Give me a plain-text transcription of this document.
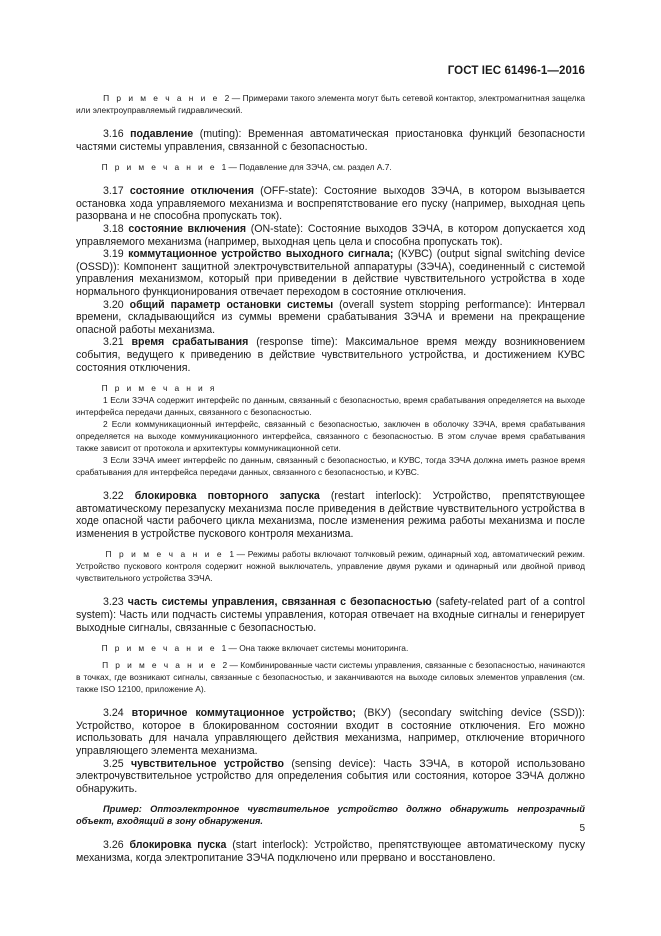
ГОСТ IEC 61496-1—2016

П р и м е ч а н и е 2 — Примерами такого элемента могут быть сетевой контактор, электромагнитная защелка или электроуправляемый гидравлический.

3.16 подавление (muting): Временная автоматическая приостановка функций безопасности частями системы управления, связанной с безопасностью.

П р и м е ч а н и е 1 — Подавление для ЗЭЧА, см. раздел А.7.

3.17 состояние отключения (OFF-state): Состояние выходов ЗЭЧА, в котором вызывается остановка хода управляемого механизма и воспрепятствование его пуску (например, выходная цепь разорвана и не способна пропускать ток).

3.18 состояние включения (ON-state): Состояние выходов ЗЭЧА, в котором допускается ход управляемого механизма (например, выходная цепь цела и способна пропускать ток).

3.19 коммутационное устройство выходного сигнала; (КУВС) (output signal switching device (OSSD)): Компонент защитной электрочувствительной аппаратуры (ЗЭЧА), соединенный с системой управления механизмом, который при приведении в действие чувствительного устройства в ходе нормального функционирования отвечает переходом в состояние отключения.

3.20 общий параметр остановки системы (overall system stopping performance): Интервал времени, складывающийся из суммы времени срабатывания ЗЭЧА и времени на прекращение опасной работы механизма.

3.21 время срабатывания (response time): Максимальное время между возникновением события, ведущего к приведению в действие чувствительного устройства, и достижением КУВС состояния отключения.

П р и м е ч а н и я

1 Если ЗЭЧА содержит интерфейс по данным, связанный с безопасностью, время срабатывания определяется на выходе интерфейса передачи данных, связанного с безопасностью.

2 Если коммуникационный интерфейс, связанный с безопасностью, заключен в оболочку ЗЭЧА, время срабатывания определяется на выходе коммуникационного интерфейса, связанного с безопасностью. В этом случае время срабатывания также зависит от протокола и архитектуры коммуникационной сети.

3 Если ЗЭЧА имеет интерфейс по данным, связанный с безопасностью, и КУВС, тогда ЗЭЧА должна иметь разное время срабатывания для интерфейса передачи данных, связанного с безопасностью, и КУВС.

3.22 блокировка повторного запуска (restart interlock): Устройство, препятствующее автоматическому перезапуску механизма после приведения в действие чувствительного устройства в ходе опасной части рабочего цикла механизма, после изменения режима работы механизма и после изменения в устройстве пускового контроля механизма.

П р и м е ч а н и е 1 — Режимы работы включают толчковый режим, одинарный ход, автоматический режим. Устройство пускового контроля содержит ножной выключатель, управление двумя руками и одинарный или двойной привод чувствительного устройства ЗЭЧА.

3.23 часть системы управления, связанная с безопасностью (safety-related part of a control system): Часть или подчасть системы управления, которая отвечает на входные сигналы и генерирует выходные сигналы, связанные с безопасностью.

П р и м е ч а н и е 1 — Она также включает системы мониторинга.

П р и м е ч а н и е 2 — Комбинированные части системы управления, связанные с безопасностью, начинаются в точках, где возникают сигналы, связанные с безопасностью, и заканчиваются на выходе силовых элементов управления (см. также ISO 12100, приложение А).

3.24 вторичное коммутационное устройство; (ВКУ) (secondary switching device (SSD)): Устройство, которое в блокированном состоянии входит в состояние отключения. Его можно использовать для начала управляющего действия механизма, например, отключение вторичного управляющего элемента механизма.

3.25 чувствительное устройство (sensing device): Часть ЗЭЧА, в которой использовано электрочувствительное устройство для определения события или состояния, которое ЗЭЧА должно обнаружить.

Пример: Оптоэлектронное чувствительное устройство должно обнаружить непрозрачный объект, входящий в зону обнаружения.

3.26 блокировка пуска (start interlock): Устройство, препятствующее автоматическому пуску механизма, когда электропитание ЗЭЧА подключено или прервано и восстановлено.

5
